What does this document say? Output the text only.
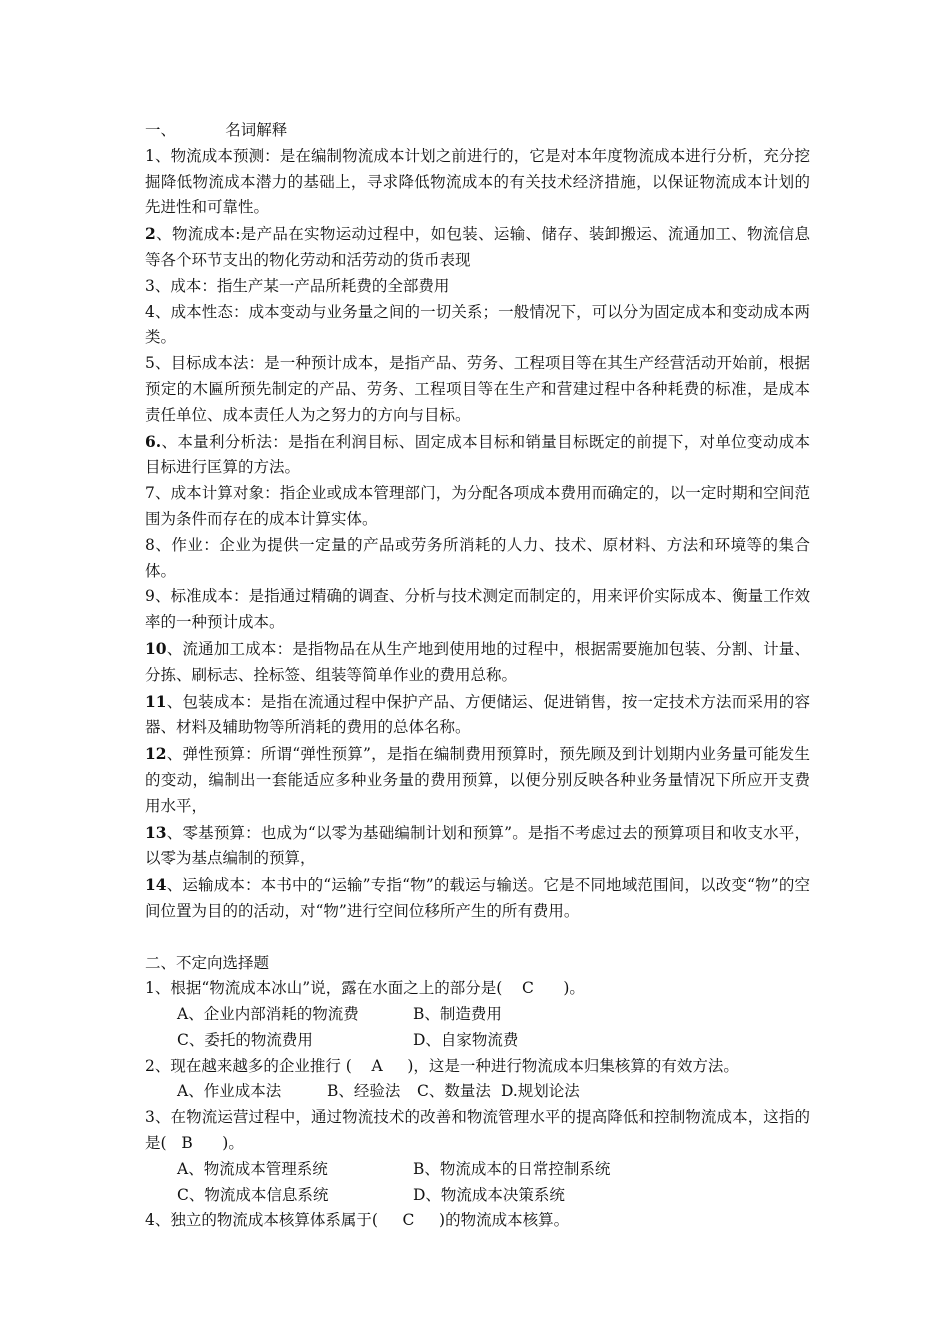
一、          名词解释

1、物流成本预测：是在编制物流成本计划之前进行的，它是对本年度物流成本进行分析，充分挖掘降低物流成本潜力的基础上，寻求降低物流成本的有关技术经济措施，以保证物流成本计划的先进性和可靠性。

2、物流成本:是产品在实物运动过程中，如包装、运输、储存、装卸搬运、流通加工、物流信息等各个环节支出的物化劳动和活劳动的货币表现

3、成本：指生产某一产品所耗费的全部费用

4、成本性态：成本变动与业务量之间的一切关系；一般情况下，可以分为固定成本和变动成本两类。

5、目标成本法：是一种预计成本，是指产品、劳务、工程项目等在其生产经营活动开始前，根据预定的木匾所预先制定的产品、劳务、工程项目等在生产和营建过程中各种耗费的标准，是成本责任单位、成本责任人为之努力的方向与目标。

6.、本量利分析法：是指在利润目标、固定成本目标和销量目标既定的前提下，对单位变动成本目标进行匡算的方法。

7、成本计算对象：指企业或成本管理部门，为分配各项成本费用而确定的，以一定时期和空间范围为条件而存在的成本计算实体。

8、作业：企业为提供一定量的产品或劳务所消耗的人力、技术、原材料、方法和环境等的集合体。

9、标准成本：是指通过精确的调查、分析与技术测定而制定的，用来评价实际成本、衡量工作效率的一种预计成本。

10、流通加工成本：是指物品在从生产地到使用地的过程中，根据需要施加包装、分割、计量、分拣、刷标志、拴标签、组装等简单作业的费用总称。

11、包装成本：是指在流通过程中保护产品、方便储运、促进销售，按一定技术方法而采用的容器、材料及辅助物等所消耗的费用的总体名称。

12、弹性预算：所谓“弹性预算”，是指在编制费用预算时，预先顾及到计划期内业务量可能发生的变动，编制出一套能适应多种业务量的费用预算，以便分别反映各种业务量情况下所应开支费用水平，

13、零基预算：也成为“以零为基础编制计划和预算”。是指不考虑过去的预算项目和收支水平，以零为基点编制的预算，

14、运输成本：本书中的“运输”专指“物”的载运与输送。它是不同地域范围间，以改变“物”的空间位置为目的的活动，对“物”进行空间位移所产生的所有费用。

二、不定向选择题

1、根据“物流成本冰山”说，露在水面之上的部分是(    C      )。

A、企业内部消耗的物流费	B、制造费用
C、委托的物流费用	D、自家物流费

2、现在越来越多的企业推行 (    A     )，这是一种进行物流成本归集核算的有效方法。

A、作业成本法	B、经验法	C、数量法 D.规划论法

3、在物流运营过程中，通过物流技术的改善和物流管理水平的提高降低和控制物流成本，这指的是(   B      )。

A、物流成本管理系统	B、物流成本的日常控制系统
C、物流成本信息系统	D、物流成本决策系统

4、独立的物流成本核算体系属于(     C     )的物流成本核算。
